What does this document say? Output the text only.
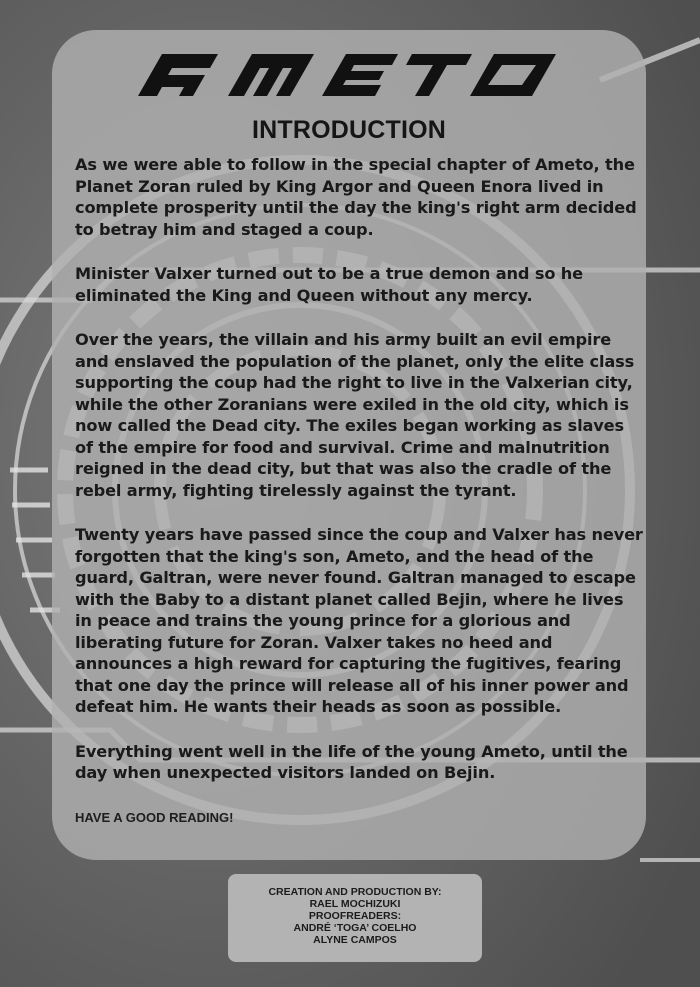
INTRODUCTION

As we were able to follow in the special chapter of Ameto, the Planet Zoran ruled by King Argor and Queen Enora lived in complete prosperity until the day the king's right arm decided to betray him and staged a coup.

Minister Valxer turned out to be a true demon and so he eliminated the King and Queen without any mercy.

Over the years, the villain and his army built an evil empire and enslaved the population of the planet, only the elite class supporting the coup had the right to live in the Valxerian city, while the other Zoranians were exiled in the old city, which is now called the Dead city. The exiles began working as slaves of the empire for food and survival. Crime and malnutrition reigned in the dead city, but that was also the cradle of the rebel army, fighting tirelessly against the tyrant.

Twenty years have passed since the coup and Valxer has never forgotten that the king's son, Ameto, and the head of the guard, Galtran, were never found. Galtran managed to escape with the Baby to a distant planet called Bejin, where he lives in peace and trains the young prince for a glorious and liberating future for Zoran. Valxer takes no heed and announces a high reward for capturing the fugitives, fearing that one day the prince will release all of his inner power and defeat him. He wants their heads as soon as possible.

Everything went well in the life of the young Ameto, until the day when unexpected visitors landed on Bejin.

HAVE A GOOD READING!

CREATION AND PRODUCTION BY:
RAEL MOCHIZUKI
PROOFREADERS:
ANDRÉ ‘TOGA’ COELHO
ALYNE CAMPOS
